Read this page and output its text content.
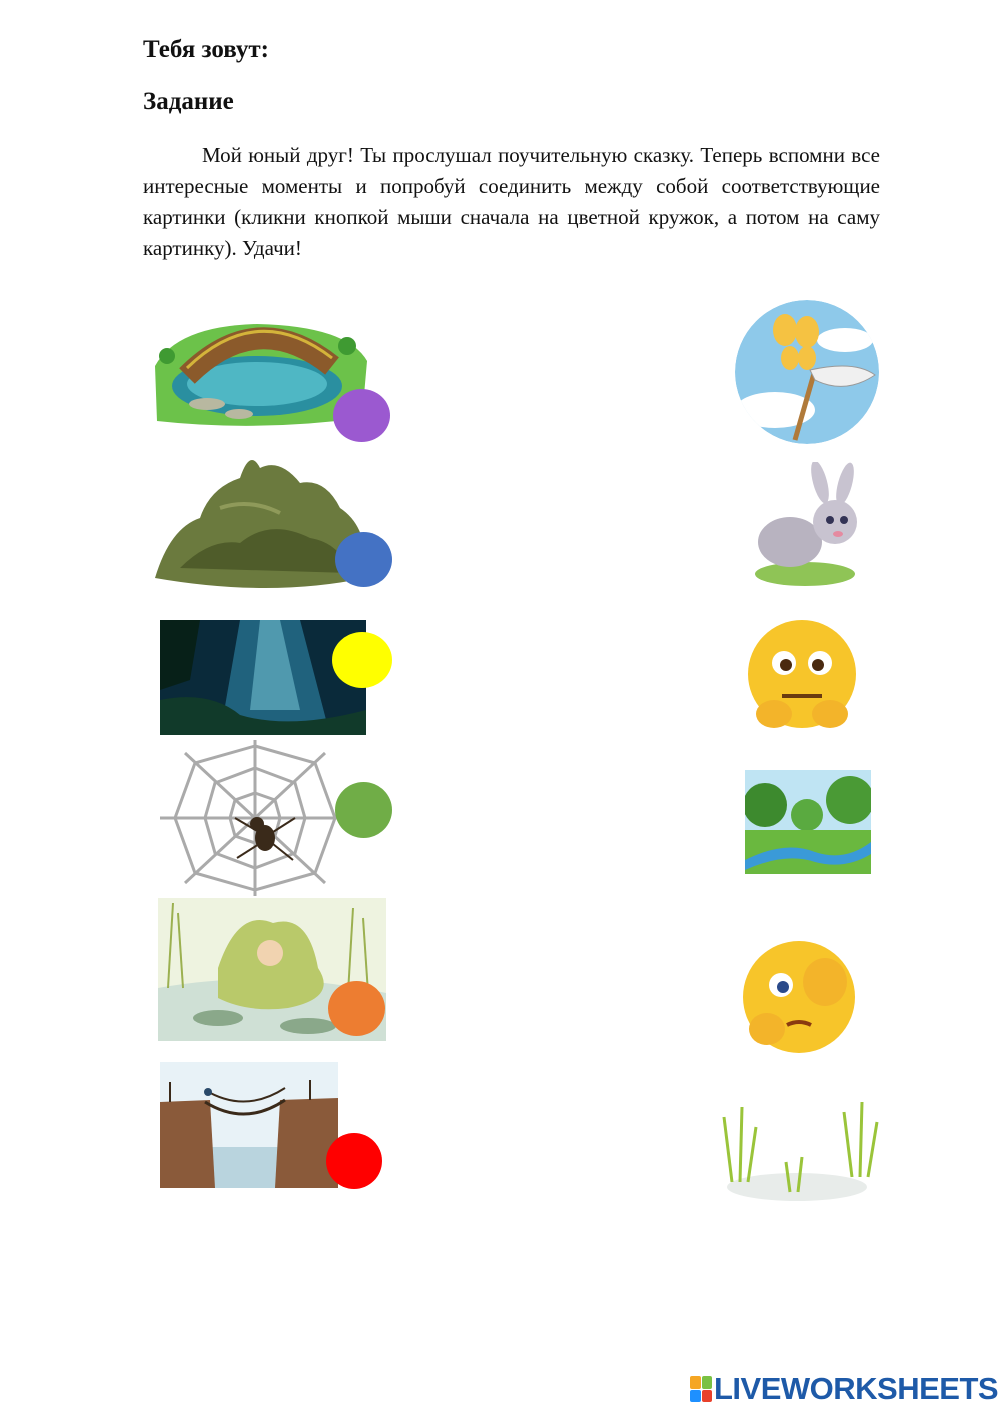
Тебя зовут:
Задание

Мой юный друг! Ты прослушал поучительную сказку. Теперь вспомни все интересные моменты и попробуй соединить между собой соответствующие картинки (кликни кнопкой мыши сначала на цветной кружок, а потом на саму картинку). Удачи!

LIVEWORKSHEETS
